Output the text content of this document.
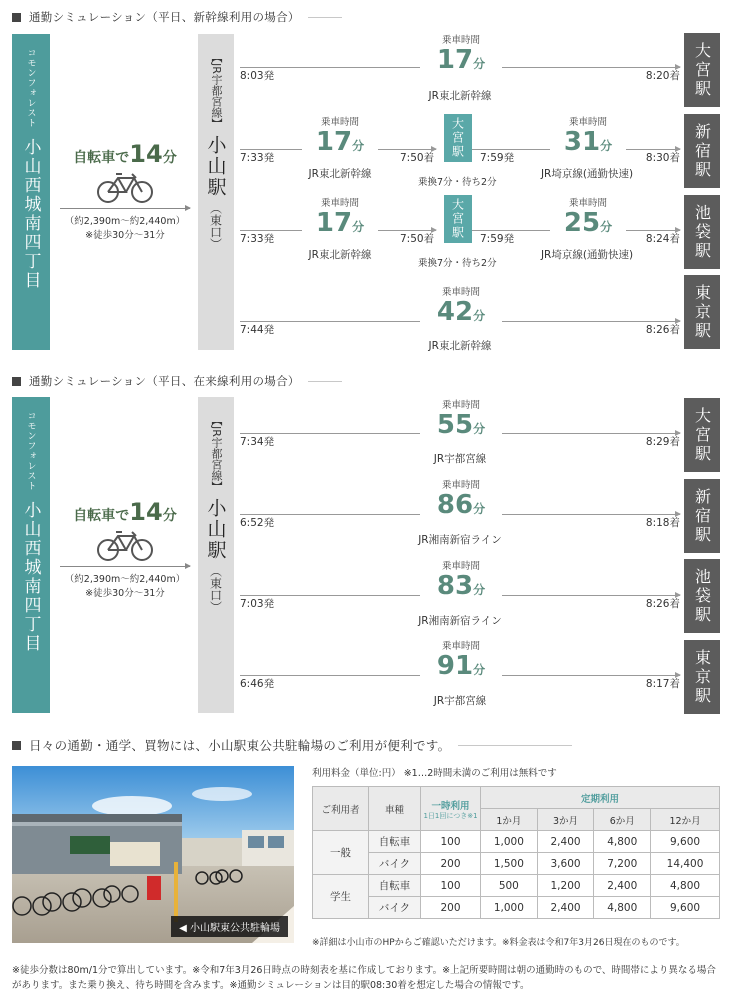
通勤シミュレーション（平日、新幹線利用の場合）
コモンフォレスト
小山西城南四丁目	自転車で14分
（約2,390m～約2,440m）
※徒歩30分～31分
【JR宇都宮線】
小山駅
（東口）
大宮駅
新宿駅
池袋駅
東京駅
8:03発	8:20着
乗車時間
17分
JR東北新幹線
7:33発	7:50着	大宮駅	7:59発	8:30着
乗車時間
17分
乗車時間
31分
JR東北新幹線
乗換7分・待ち2分
JR埼京線(通勤快速)
7:33発	7:50着	大宮駅	7:59発	8:24着
乗車時間
17分
乗車時間
25分
JR東北新幹線
乗換7分・待ち2分
JR埼京線(通勤快速)
7:44発	8:26着
乗車時間
42分
JR東北新幹線
通勤シミュレーション（平日、在来線利用の場合）
コモンフォレスト
小山西城南四丁目	自転車で14分
（約2,390m～約2,440m）
※徒歩30分～31分
【JR宇都宮線】
小山駅
（東口）
大宮駅
新宿駅
池袋駅
東京駅
7:34発	8:29着
乗車時間
55分
JR宇都宮線
6:52発	8:18着
乗車時間
86分
JR湘南新宿ライン
7:03発	8:26着
乗車時間
83分
JR湘南新宿ライン
6:46発	8:17着
乗車時間
91分
JR宇都宮線
日々の通勤・通学、買物には、小山駅東公共駐輪場のご利用が便利です。
◀ 小山駅東公共駐輪場
利用料金（単位:円） ※1…2時間未満のご利用は無料です
ご利用者	車種	一時利用
1日1回につき※1	定期利用			
			1か月	3か月	6か月	12か月
一般	自転車	100	1,000	2,400	4,800	9,600
	バイク	200	1,500	3,600	7,200	14,400
学生	自転車	100	500	1,200	2,400	4,800
	バイク	200	1,000	2,400	4,800	9,600
※詳細は小山市のHPからご確認いただけます。※料金表は令和7年3月26日現在のものです。
※徒歩分数は80m/1分で算出しています。※令和7年3月26日時点の時刻表を基に作成しております。※上記所要時間は朝の通勤時のもので、時間帯により異なる場合があります。また乗り換え、待ち時間を含みます。※通勤シミュレーションは目的駅08:30着を想定した場合の情報です。
